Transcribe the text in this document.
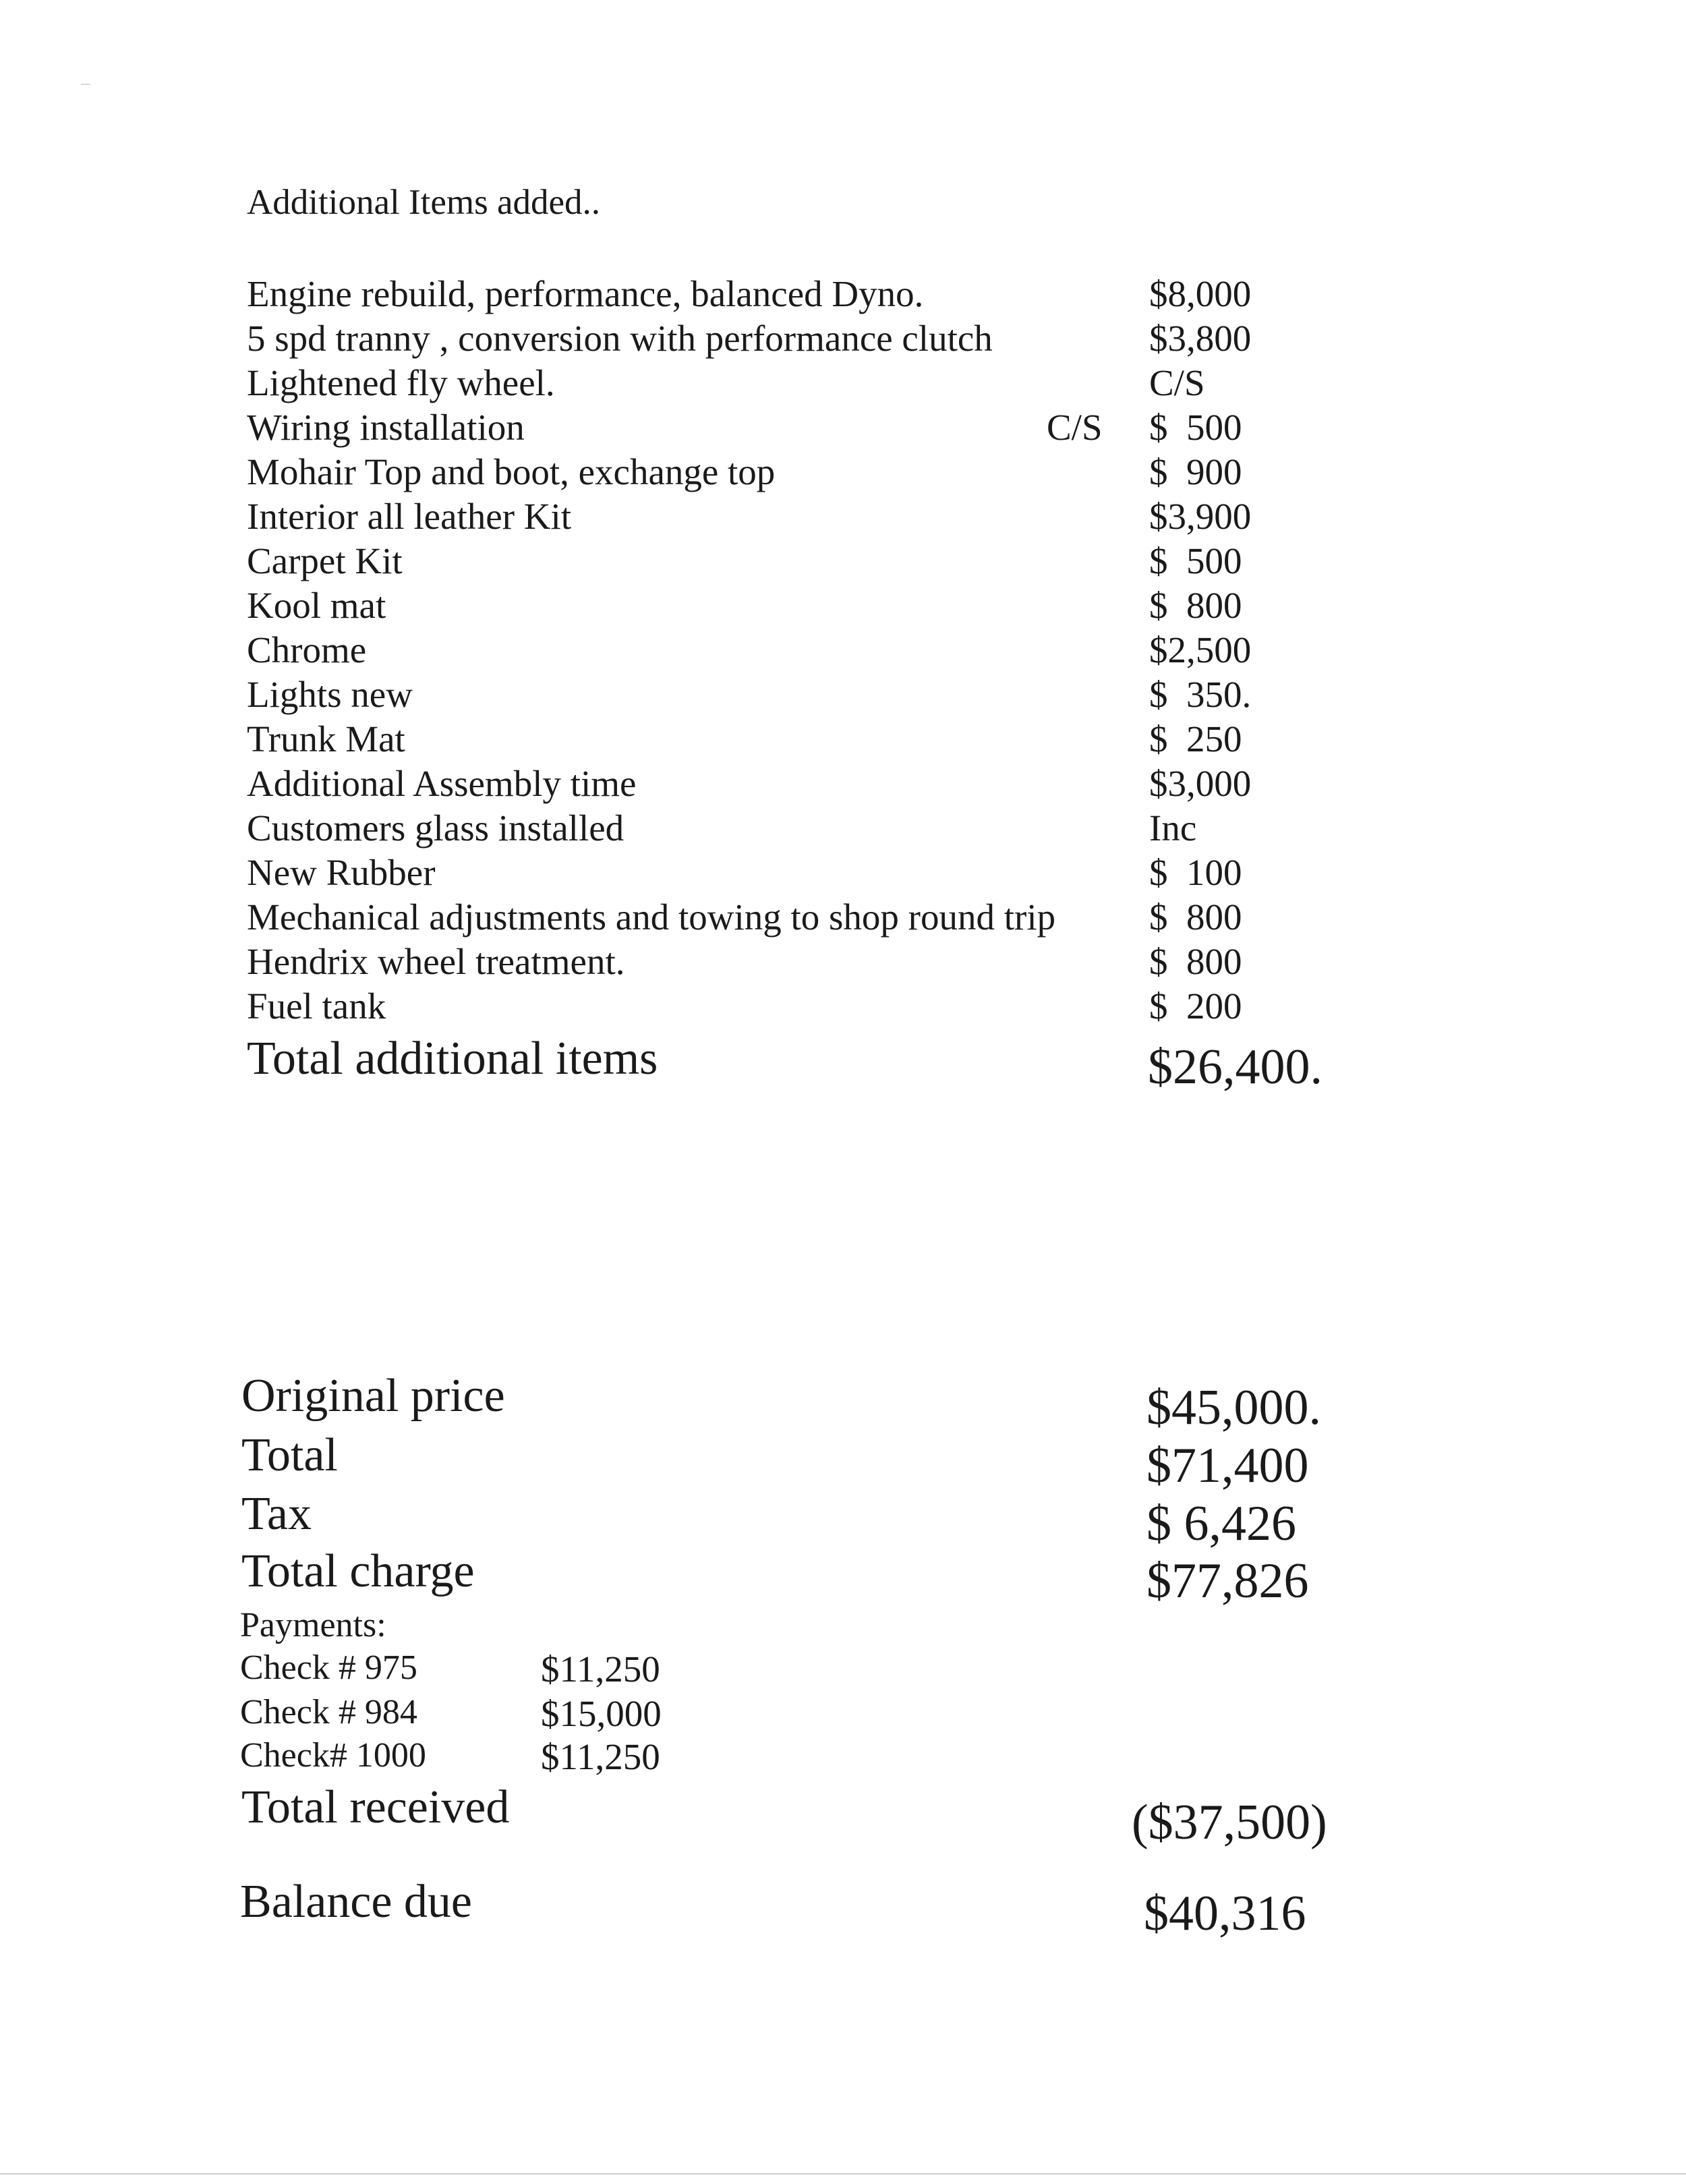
Additional Items added..
Engine rebuild, performance, balanced Dyno.	$8,000
5 spd tranny , conversion with performance clutch	$3,800
Lightened fly wheel.	C/S
Wiring installation	C/S $  500
Mohair Top and boot, exchange top	$  900
Interior all leather Kit	$3,900
Carpet Kit	$  500
Kool mat	$  800
Chrome	$2,500
Lights new	$  350.
Trunk Mat	$  250
Additional Assembly time	$3,000
Customers glass installed	Inc
New Rubber	$  100
Mechanical adjustments and towing to shop round trip	$  800
Hendrix wheel treatment.	$  800
Fuel tank	$  200
Total additional items	$26,400.
Original price	$45,000.
Total	$71,400
Tax	$ 6,426
Total charge	$77,826
Payments:
Check # 975	$11,250
Check # 984	$15,000
Check# 1000	$11,250
Total received	($37,500)
Balance due	$40,316
